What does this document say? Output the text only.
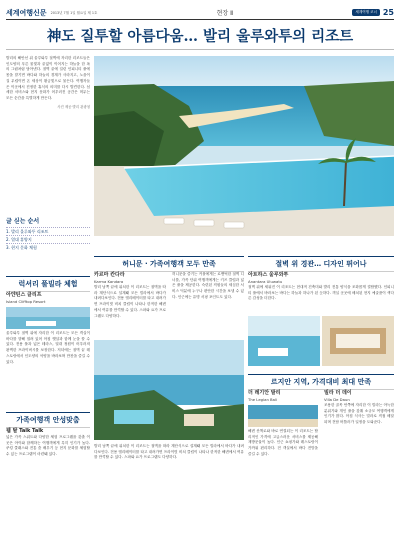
세계여행신문 2013년 7월 1일 월요일 제 1호	현장 Ⅱ	세계여행 코너 25
神도 질투할 아름다움… 발리 울루와투의 리조트

발리의 해안선 위 울루와투 절벽에 자리한 리조트들은 인도양의 푸른 물빛과 끝없이 이어지는 하늘을 한 폭의 그림처럼 담아낸다. 절벽 끝에 걸린 인피니티 풀에 몸을 맡기면 바다와 하늘의 경계가 사라지고, 노을이 질 무렵이면 온 세상이 황금빛으로 물든다. 여행자들은 이곳에서 진정한 휴식의 의미를 다시 발견한다. 섬세한 서비스와 현지 문화가 어우러진 공간은 머무는 모든 순간을 특별하게 만든다.

사진 제공·발리 관광청

글 싣는 순서
1. 발리 울루와투 리조트
2. 열대 휴양지
3. 현지 문화 체험
럭셔리 풀빌라 체험
아얀틴스 클리프
Island Clifftop Resort

울루와투 절벽 위에 자리한 이 리조트는 모든 객실이 바다를 향해 열려 있어 아침 햇살과 함께 눈을 뜰 수 있다. 전용 풀과 넓은 테라스, 열대 정원이 어우러져 완벽한 프라이버시를 보장한다. 저녁에는 절벽 끝 레스토랑에서 인도양의 석양을 바라보며 만찬을 즐길 수 있다.

가족여행객 안성맞춤
웹 탈 Talk Talk

넓은 가족 스위트와 다양한 체험 프로그램을 갖춘 이곳은 아이와 함께하는 여행객에게 특히 인기가 높다. 쿠킹 클래스와 전통 춤 배우기 등 현지 문화를 체험할 수 있는 프로그램이 마련돼 있다.

허니문 · 가족여행객 모두 만족
카르마 칸다라
Karma Kandara

발리 남쪽 끝에 위치한 이 리조트는 절벽을 따라 계단식으로 설계돼 모든 빌라에서 바다가 내려다보인다. 전용 엘리베이터를 타고 내려가면 프라이빗 비치 클럽이 나타나 한적한 해변에서 여유를 만끽할 수 있다. 스파와 요가 프로그램도 다양하다.

허니문을 즐기는 커플에게는 로맨틱한 절벽 디너를, 가족 단위 여행객에게는 키즈 클럽과 넓은 풀을 제공한다. 숙련된 직원들의 세심한 서비스 덕분에 누구나 편안한 시간을 보낼 수 있다. 인근에는 유명 서핑 포인트도 있다.

발리 남쪽 끝에 위치한 이 리조트는 절벽을 따라 계단식으로 설계돼 모든 빌라에서 바다가 내려다보인다. 전용 엘리베이터를 타고 내려가면 프라이빗 비치 클럽이 나타나 한적한 해변에서 여유를 만끽할 수 있다. 스파와 요가 프로그램도 다양하다.

절벽 위 경관… 디자인 뛰어나
아트하스 울루와투
Anantara Uluwatu

절벽 위에 세워진 이 리조트는 현대적 건축미와 발리 전통 양식을 조화롭게 결합했다. 인피니티 풀에서 바라보는 바다는 하늘과 하나가 된 듯하다. 객실 곳곳에 배치된 현지 예술품이 색다른 감성을 더한다.

르지안 지역, 가격대비 최대 만족
더 레기안 발리
The Legian Bali

해변 산책로와 바로 연결되는 이 리조트는 합리적인 가격에 고급스러운 서비스를 제공해 재방문율이 높다. 인근 쇼핑가와 레스토랑이 가까워 편리하다. 전 객실에서 바다 전망을 즐길 수 있다.

빌라 더 데이
Villa De Daun

조용한 골목 안쪽에 자리한 이 빌라는 아늑한 분위기와 개인 풀을 갖춰 소규모 여행객에게 인기가 많다. 아침 식사는 빌라로 직접 배달되며 전담 버틀러가 일정을 도와준다.
